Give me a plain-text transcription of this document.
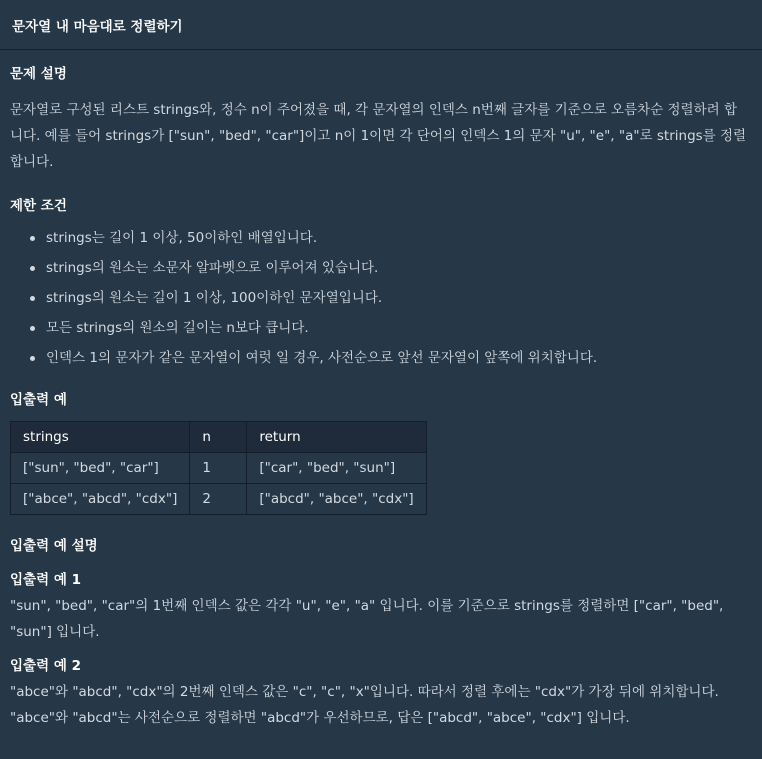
문자열 내 마음대로 정렬하기
문제 설명
문자열로 구성된 리스트 strings와, 정수 n이 주어졌을 때, 각 문자열의 인덱스 n번째 글자를 기준으로 오름차순 정렬하려 합
니다. 예를 들어 strings가 ["sun", "bed", "car"]이고 n이 1이면 각 단어의 인덱스 1의 문자 "u", "e", "a"로 strings를 정렬
합니다.
제한 조건
strings는 길이 1 이상, 50이하인 배열입니다.
strings의 원소는 소문자 알파벳으로 이루어져 있습니다.
strings의 원소는 길이 1 이상, 100이하인 문자열입니다.
모든 strings의 원소의 길이는 n보다 큽니다.
인덱스 1의 문자가 같은 문자열이 여럿 일 경우, 사전순으로 앞선 문자열이 앞쪽에 위치합니다.
입출력 예
strings	n	return
["sun", "bed", "car"]	1	["car", "bed", "sun"]
["abce", "abcd", "cdx"]	2	["abcd", "abce", "cdx"]
입출력 예 설명
입출력 예 1
"sun", "bed", "car"의 1번째 인덱스 값은 각각 "u", "e", "a" 입니다. 이를 기준으로 strings를 정렬하면 ["car", "bed",
"sun"] 입니다.
입출력 예 2
"abce"와 "abcd", "cdx"의 2번째 인덱스 값은 "c", "c", "x"입니다. 따라서 정렬 후에는 "cdx"가 가장 뒤에 위치합니다.
"abce"와 "abcd"는 사전순으로 정렬하면 "abcd"가 우선하므로, 답은 ["abcd", "abce", "cdx"] 입니다.
